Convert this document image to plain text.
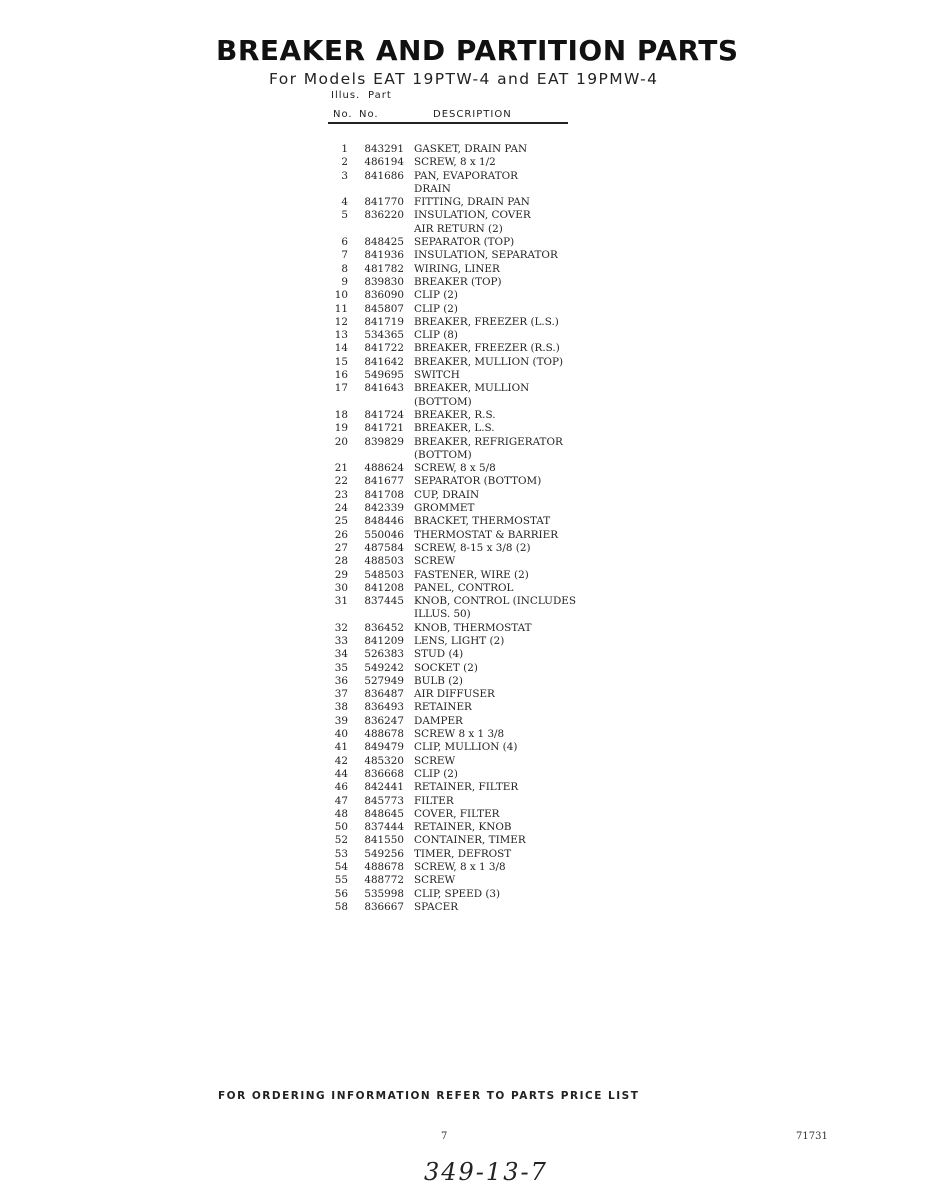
BREAKER AND PARTITION PARTS
For Models EAT 19PTW-4 and EAT 19PMW-4
Illus. Part
No. No.	DESCRIPTION
1	843291 GASKET, DRAIN PAN
2	486194 SCREW, 8 x 1/2
3	841686 PAN, EVAPORATOR
DRAIN
4	841770 FITTING, DRAIN PAN
5	836220 INSULATION, COVER
AIR RETURN (2)
6	848425 SEPARATOR (TOP)
7	841936 INSULATION, SEPARATOR
8	481782 WIRING, LINER
9	839830 BREAKER (TOP)
10	836090 CLIP (2)
11	845807 CLIP (2)
12	841719 BREAKER, FREEZER (L.S.)
13	534365 CLIP (8)
14	841722 BREAKER, FREEZER (R.S.)
15	841642 BREAKER, MULLION (TOP)
16	549695 SWITCH
17	841643 BREAKER, MULLION
(BOTTOM)
18	841724 BREAKER, R.S.
19	841721 BREAKER, L.S.
20	839829 BREAKER, REFRIGERATOR
(BOTTOM)
21	488624 SCREW, 8 x 5/8
22	841677 SEPARATOR (BOTTOM)
23	841708 CUP, DRAIN
24	842339 GROMMET
25	848446 BRACKET, THERMOSTAT
26	550046 THERMOSTAT & BARRIER
27	487584 SCREW, 8-15 x 3/8 (2)
28	488503 SCREW
29	548503 FASTENER, WIRE (2)
30	841208 PANEL, CONTROL
31	837445 KNOB, CONTROL (INCLUDES
ILLUS. 50)
32	836452 KNOB, THERMOSTAT
33	841209 LENS, LIGHT (2)
34	526383 STUD (4)
35	549242 SOCKET (2)
36	527949 BULB (2)
37	836487 AIR DIFFUSER
38	836493 RETAINER
39	836247 DAMPER
40	488678 SCREW 8 x 1 3/8
41	849479 CLIP, MULLION (4)
42	485320 SCREW
44	836668 CLIP (2)
46	842441 RETAINER, FILTER
47	845773 FILTER
48	848645 COVER, FILTER
50	837444 RETAINER, KNOB
52	841550 CONTAINER, TIMER
53	549256 TIMER, DEFROST
54	488678 SCREW, 8 x 1 3/8
55	488772 SCREW
56	535998 CLIP, SPEED (3)
58	836667 SPACER
FOR ORDERING INFORMATION REFER TO PARTS PRICE LIST
7	71731
349-13-7
